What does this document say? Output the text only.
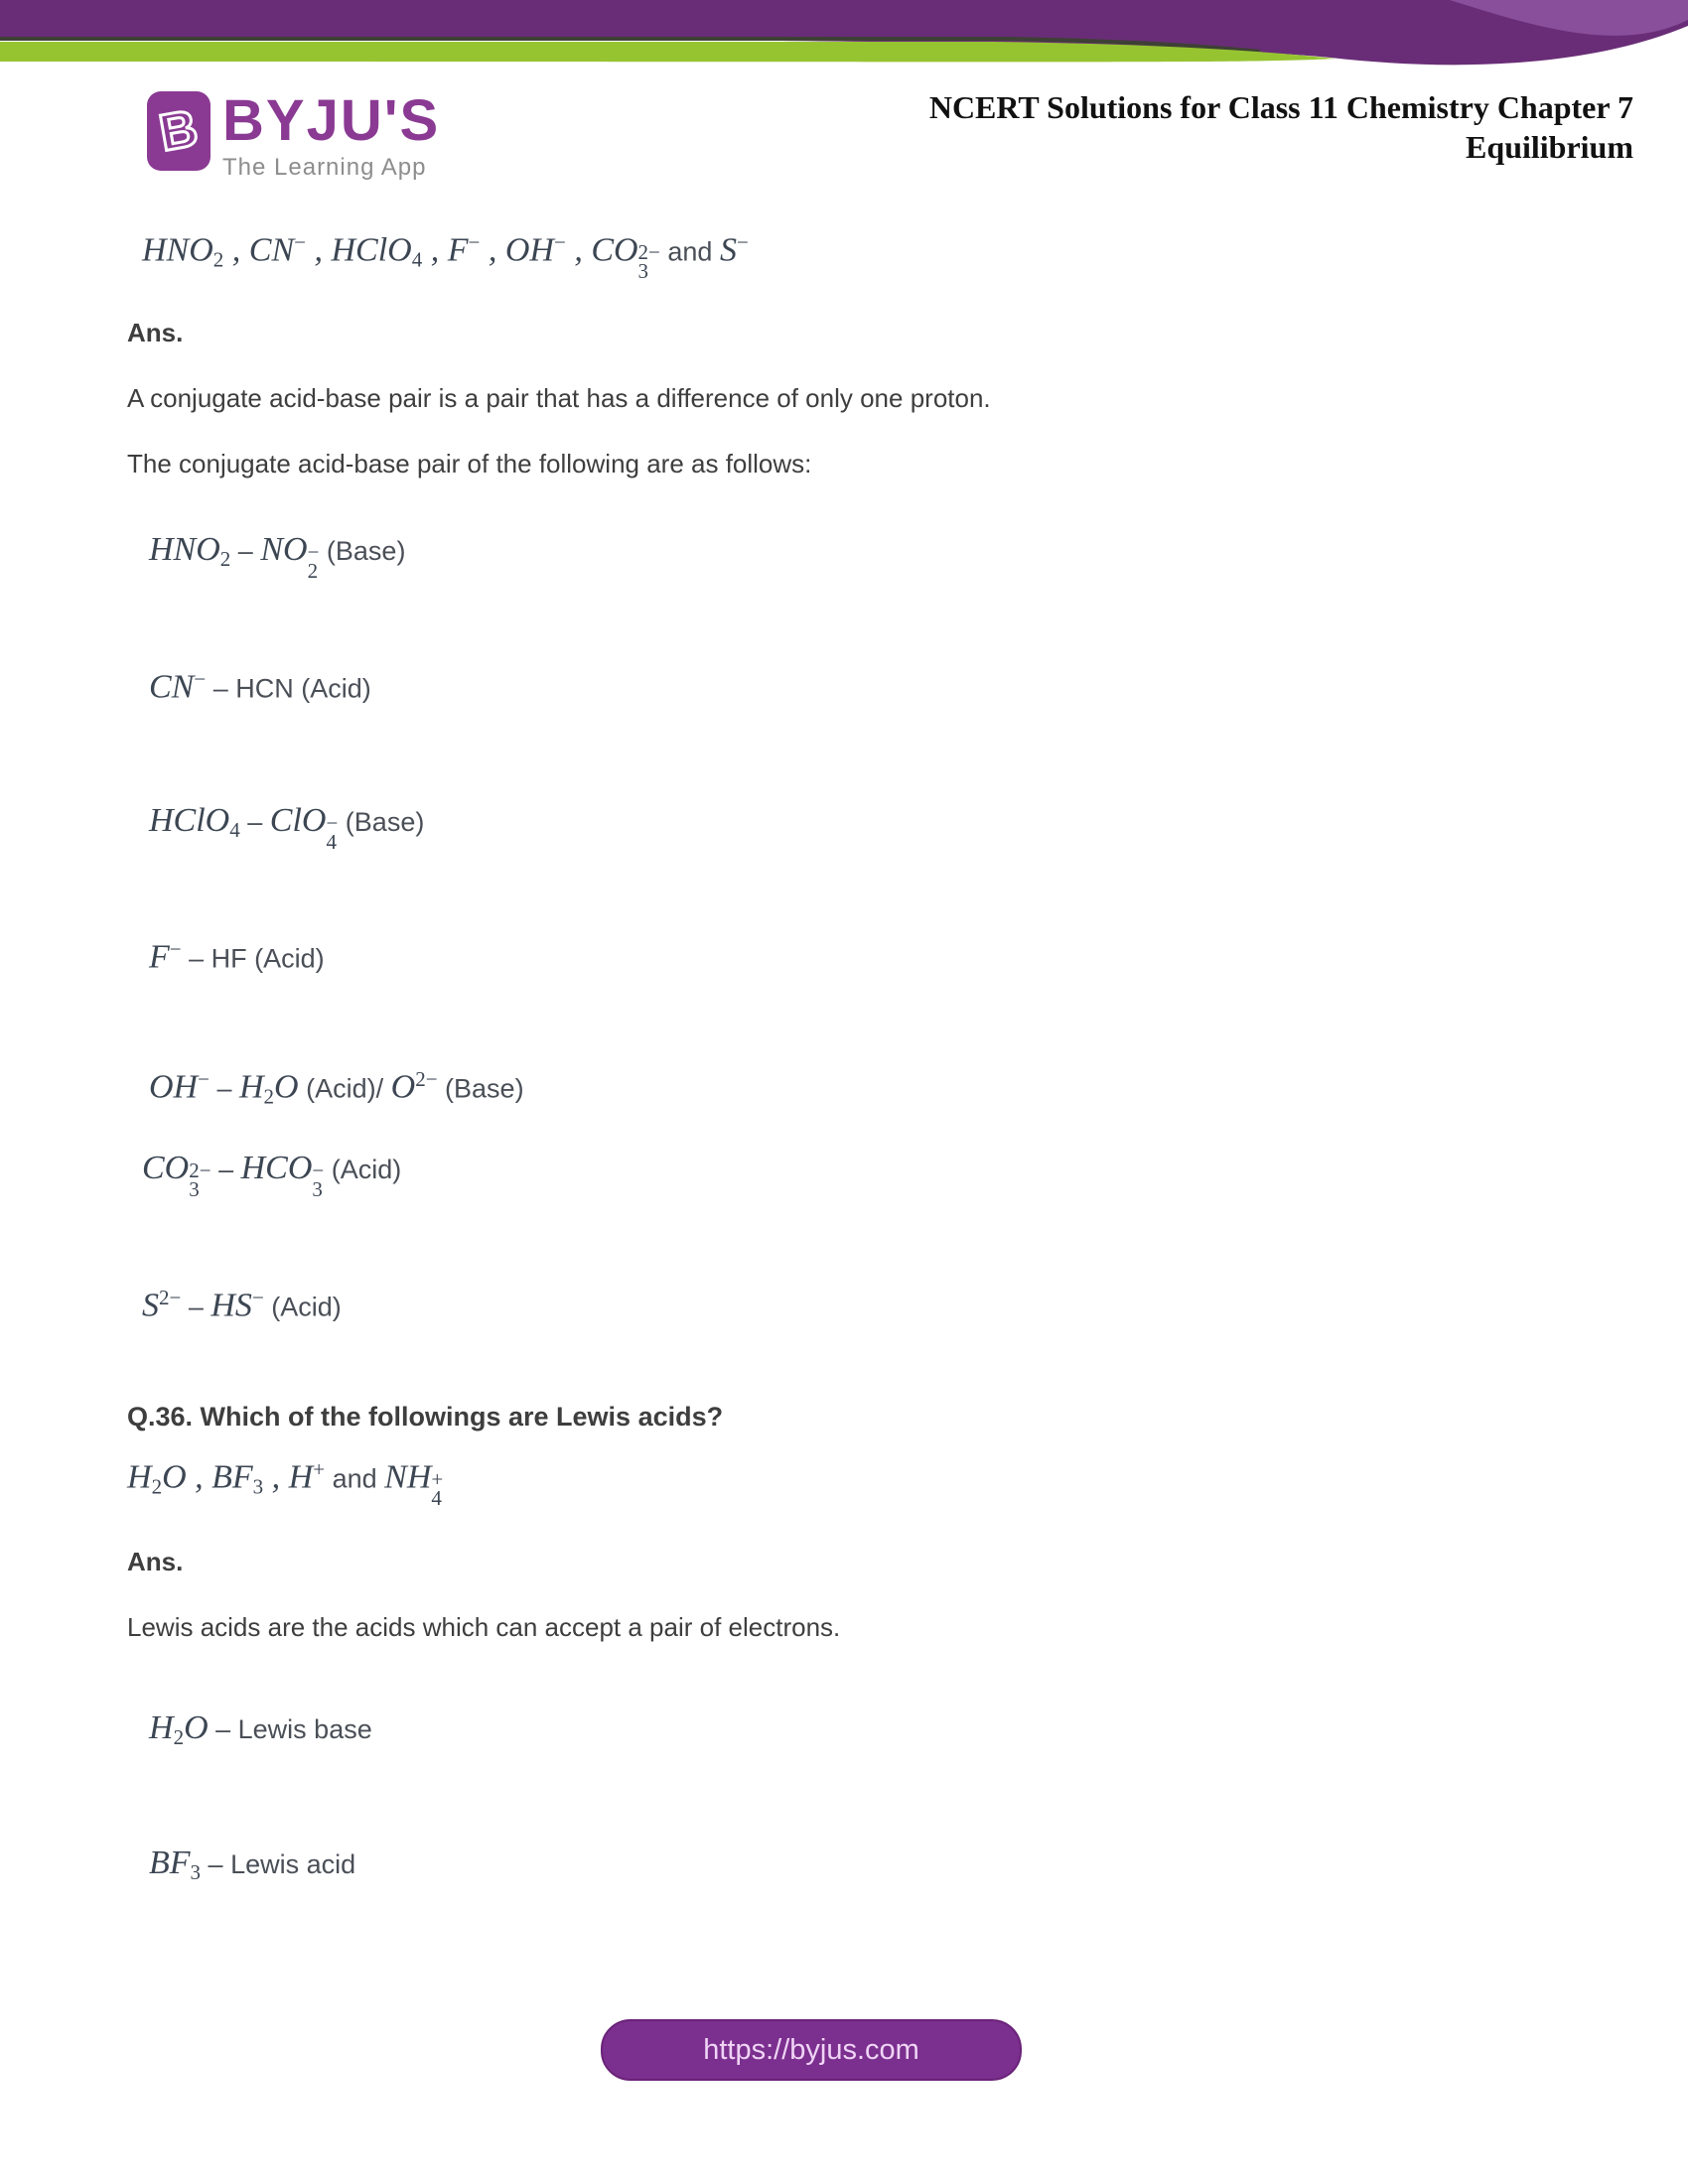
B BYJU'S
The Learning App
NCERT Solutions for Class 11 Chemistry Chapter 7
Equilibrium
HNO2 , CN− , HClO4 , F− , OH− , CO 2−
3
and S−
Ans.
A conjugate acid-base pair is a pair that has a difference of only one proton.
The conjugate acid-base pair of the following are as follows:
HNO2 – NO −
2
(Base)
CN− – HCN (Acid)
HClO4 – ClO −
4
(Base)
F− – HF (Acid)
OH− – H2O (Acid)/ $O^{2-}$ (Base)
CO 2−
3
– HCO −
3
(Acid)
$S^{2-} - HS^-$ (Acid)
Q.36. Which of the followings are Lewis acids?
H2O , BF3 , H+ and NH +
4
Ans.
Lewis acids are the acids which can accept a pair of electrons.
H2O – Lewis base
BF3 – Lewis acid
https://byjus.com
